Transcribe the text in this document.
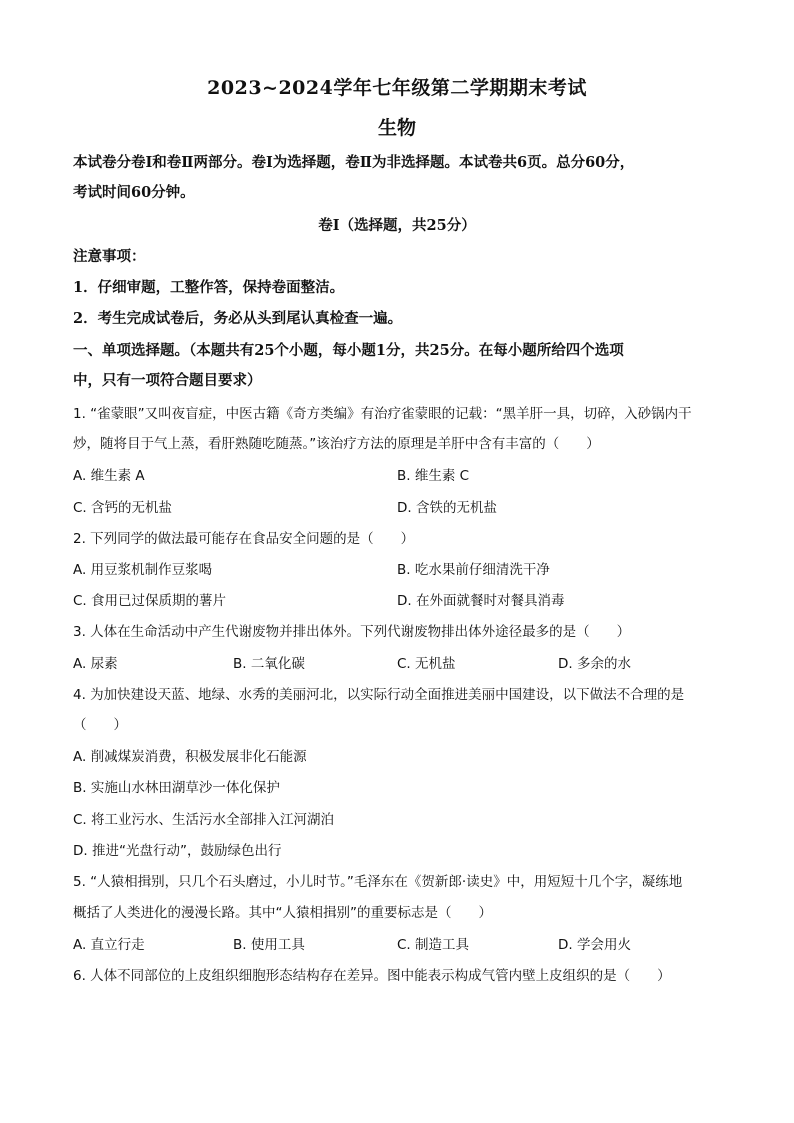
2023~2024学年七年级第二学期期末考试
生物
本试卷分卷Ⅰ和卷Ⅱ两部分。卷Ⅰ为选择题，卷Ⅱ为非选择题。本试卷共6页。总分60分，
考试时间60分钟。
卷Ⅰ（选择题，共25分）
注意事项：
1．仔细审题，工整作答，保持卷面整洁。
2．考生完成试卷后，务必从头到尾认真检查一遍。
一、单项选择题。（本题共有25个小题，每小题1分，共25分。在每小题所给四个选项
中，只有一项符合题目要求）
1. “雀蒙眼”又叫夜盲症，中医古籍《奇方类编》有治疗雀蒙眼的记载：“黑羊肝一具，切碎，入砂锅内干
炒，随将目于气上蒸，看肝熟随吃随蒸。”该治疗方法的原理是羊肝中含有丰富的（　　）
A. 维生素 A	B. 维生素 C
C. 含钙的无机盐	D. 含铁的无机盐
2. 下列同学的做法最可能存在食品安全问题的是（　　）
A. 用豆浆机制作豆浆喝	B. 吃水果前仔细清洗干净
C. 食用已过保质期的薯片	D. 在外面就餐时对餐具消毒
3. 人体在生命活动中产生代谢废物并排出体外。下列代谢废物排出体外途径最多的是（　　）
A. 尿素	B. 二氧化碳	C. 无机盐	D. 多余的水
4. 为加快建设天蓝、地绿、水秀的美丽河北，以实际行动全面推进美丽中国建设，以下做法不合理的是
（　　）
A. 削减煤炭消费，积极发展非化石能源
B. 实施山水林田湖草沙一体化保护
C. 将工业污水、生活污水全部排入江河湖泊
D. 推进“光盘行动”，鼓励绿色出行
5. “人猿相揖别，只几个石头磨过，小儿时节。”毛泽东在《贺新郎·读史》中，用短短十几个字，凝练地
概括了人类进化的漫漫长路。其中“人猿相揖别”的重要标志是（　　）
A. 直立行走	B. 使用工具	C. 制造工具	D. 学会用火
6. 人体不同部位的上皮组织细胞形态结构存在差异。图中能表示构成气管内壁上皮组织的是（　　）
